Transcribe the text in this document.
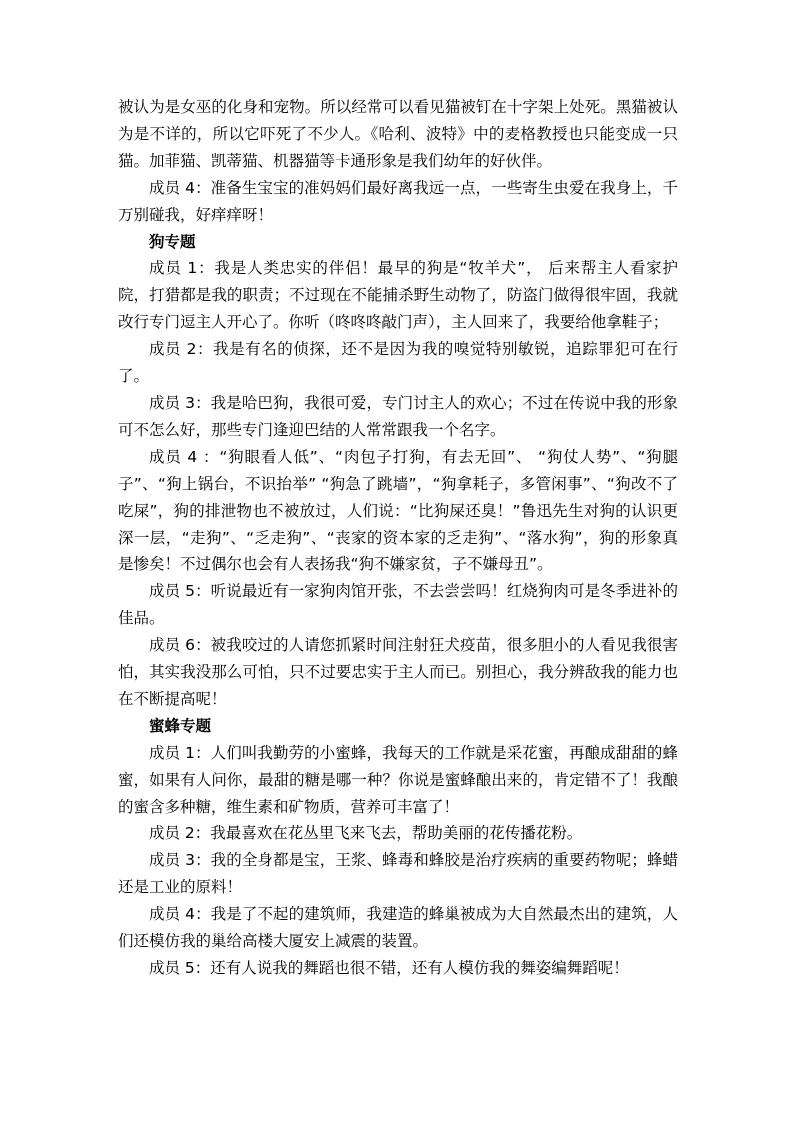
被认为是女巫的化身和宠物。所以经常可以看见猫被钉在十字架上处死。黑猫被认为是不详的，所以它吓死了不少人。《哈利、波特》中的麦格教授也只能变成一只猫。加菲猫、凯蒂猫、机器猫等卡通形象是我们幼年的好伙伴。

成员 4：准备生宝宝的准妈妈们最好离我远一点，一些寄生虫爱在我身上，千万别碰我，好痒痒呀！

狗专题

成员 1：我是人类忠实的伴侣！最早的狗是“牧羊犬”， 后来帮主人看家护院，打猎都是我的职责；不过现在不能捕杀野生动物了，防盗门做得很牢固，我就改行专门逗主人开心了。你听（咚咚咚敲门声），主人回来了，我要给他拿鞋子；

成员 2：我是有名的侦探，还不是因为我的嗅觉特别敏锐，追踪罪犯可在行了。

成员 3：我是哈巴狗，我很可爱，专门讨主人的欢心；不过在传说中我的形象可不怎么好，那些专门逢迎巴结的人常常跟我一个名字。

成员 4 ：“狗眼看人低”、“肉包子打狗，有去无回”、 “狗仗人势”、“狗腿子”、“狗上锅台，不识抬举” “狗急了跳墙”，“狗拿耗子，多管闲事”、“狗改不了吃屎”，狗的排泄物也不被放过，人们说：“比狗屎还臭！”鲁迅先生对狗的认识更深一层，“走狗”、“乏走狗”、“丧家的资本家的乏走狗”、“落水狗”，狗的形象真是惨矣！不过偶尔也会有人表扬我“狗不嫌家贫，子不嫌母丑”。

成员 5：听说最近有一家狗肉馆开张，不去尝尝吗！红烧狗肉可是冬季进补的佳品。

成员 6：被我咬过的人请您抓紧时间注射狂犬疫苗，很多胆小的人看见我很害怕，其实我没那么可怕，只不过要忠实于主人而已。别担心，我分辨敌我的能力也在不断提高呢！

蜜蜂专题

成员 1：人们叫我勤劳的小蜜蜂，我每天的工作就是采花蜜，再酿成甜甜的蜂蜜，如果有人问你，最甜的糖是哪一种？你说是蜜蜂酿出来的，肯定错不了！我酿的蜜含多种糖，维生素和矿物质，营养可丰富了！

成员 2：我最喜欢在花丛里飞来飞去，帮助美丽的花传播花粉。

成员 3：我的全身都是宝，王浆、蜂毒和蜂胶是治疗疾病的重要药物呢；蜂蜡还是工业的原料！

成员 4：我是了不起的建筑师，我建造的蜂巢被成为大自然最杰出的建筑，人们还模仿我的巢给高楼大厦安上减震的装置。

成员 5：还有人说我的舞蹈也很不错，还有人模仿我的舞姿编舞蹈呢！
